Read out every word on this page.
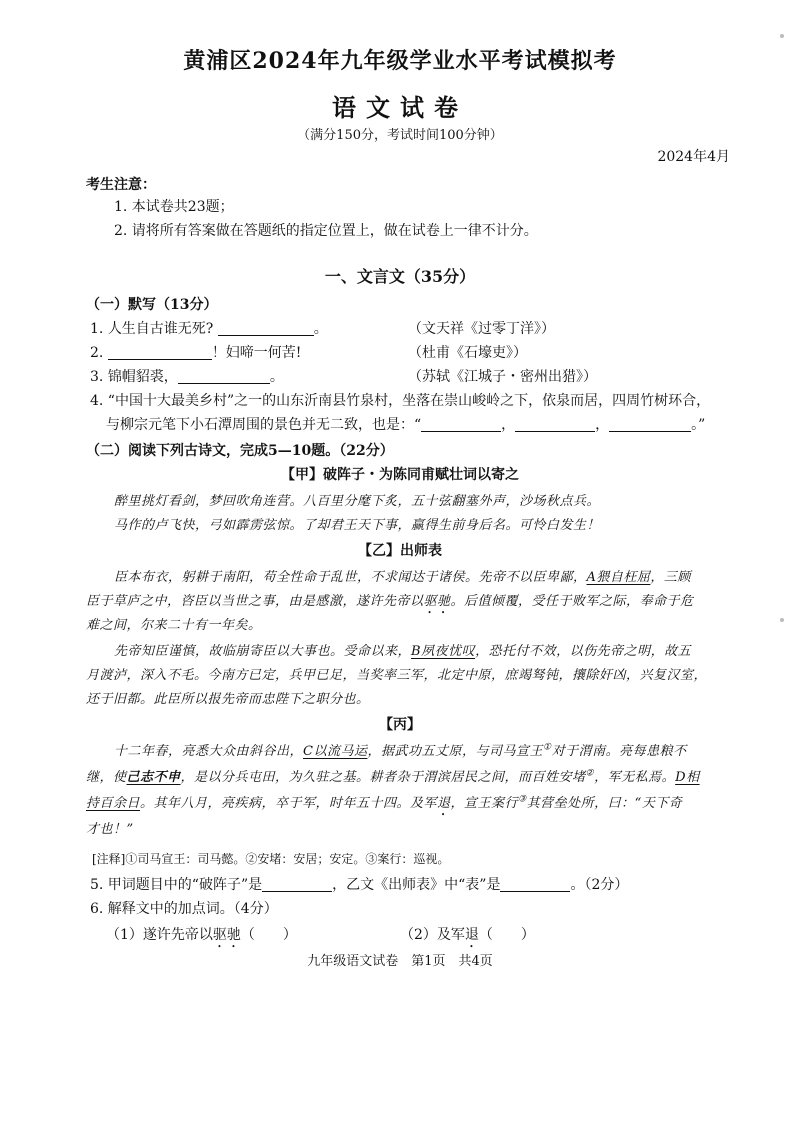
黄浦区2024年九年级学业水平考试模拟考
语文试卷
（满分150分，考试时间100分钟）
2024年4月
考生注意：
1. 本试卷共23题；
2. 请将所有答案做在答题纸的指定位置上，做在试卷上一律不计分。
一、文言文（35分）
（一）默写（13分）
1. 人生自古谁无死?	。	（文天祥《过零丁洋》）
2.	！妇啼一何苦!	（杜甫《石壕吏》）
3. 锦帽貂裘，	。	（苏轼《江城子・密州出猎》）
4. “中国十大最美乡村”之一的山东沂南县竹泉村，坐落在崇山峻岭之下，依泉而居，四周竹树环合，
与柳宗元笔下小石潭周围的景色并无二致，也是：“	，	，	。”
（二）阅读下列古诗文，完成5—10题。（22分）
【甲】破阵子・为陈同甫赋壮词以寄之
醉里挑灯看剑，梦回吹角连营。八百里分麾下炙，五十弦翻塞外声，沙场秋点兵。
马作的卢飞快，弓如霹雳弦惊。了却君王天下事，赢得生前身后名。可怜白发生！
【乙】出师表
臣本布衣，躬耕于南阳，苟全性命于乱世，不求闻达于诸侯。先帝不以臣卑鄙，A猥自枉屈，三顾
臣于草庐之中，咨臣以当世之事，由是感激，遂许先帝以驱驰。后值倾覆，受任于败军之际，奉命于危
难之间，尔来二十有一年矣。
先帝知臣谨慎，故临崩寄臣以大事也。受命以来，B夙夜忧叹，恐托付不效，以伤先帝之明，故五
月渡泸，深入不毛。今南方已定，兵甲已足，当奖率三军，北定中原，庶竭驽钝，攘除奸凶，兴复汉室，
还于旧都。此臣所以报先帝而忠陛下之职分也。
【丙】
十二年春，亮悉大众由斜谷出，C以流马运，据武功五丈原，与司马宣王①对于渭南。亮每患粮不
继，使己志不申，是以分兵屯田，为久驻之基。耕者杂于渭滨居民之间，而百姓安堵②，军无私焉。D相
持百余日。其年八月，亮疾病，卒于军，时年五十四。及军退，宣王案行③其营垒处所，曰：“天下奇
才也！”
[注释]①司马宣王：司马懿。②安堵：安居；安定。③案行：巡视。
5. 甲词题目中的“破阵子”是	，乙文《出师表》中“表”是	。（2分）
6. 解释文中的加点词。（4分）
（1）遂许先帝以驱驰（　　）	（2）及军退（　　）
九年级语文试卷　第1页　共4页
